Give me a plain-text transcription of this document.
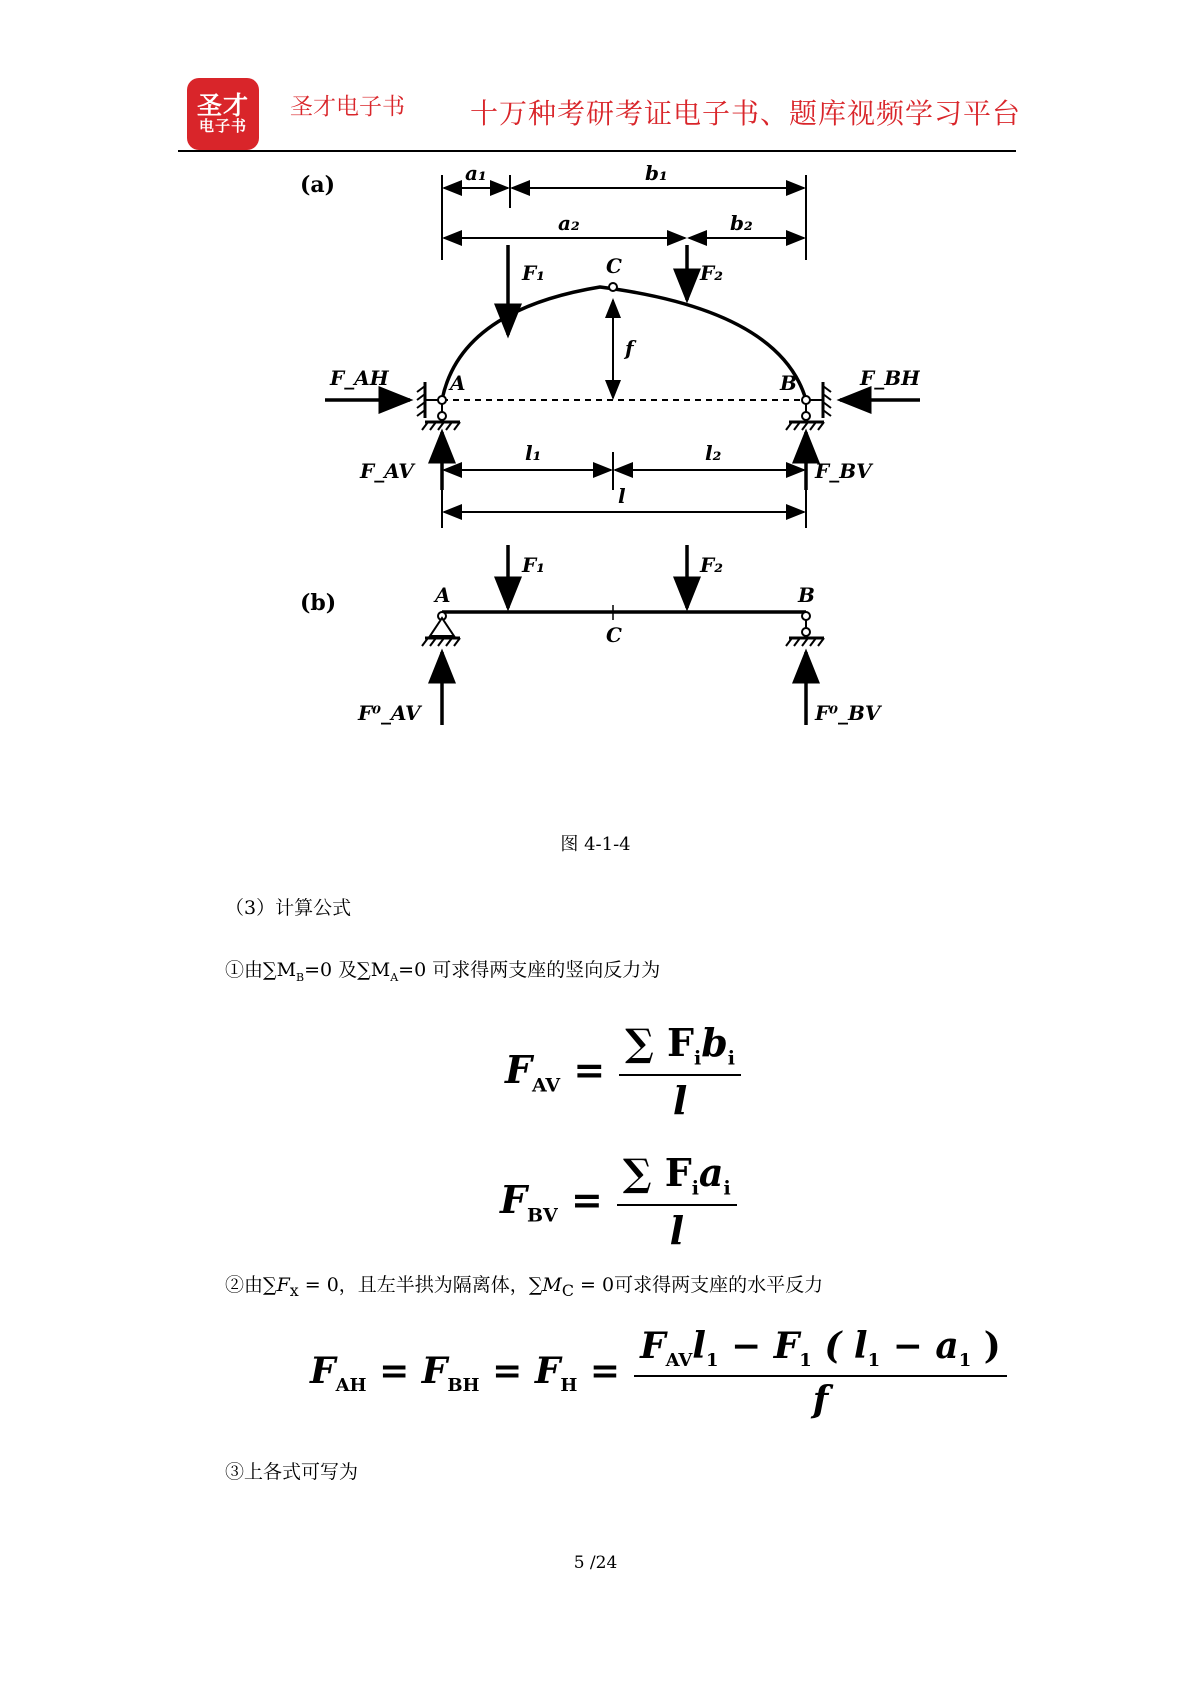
圣才
电子书
圣才电子书 十万种考研考证电子书、题库视频学习平台
(a)
(b)
a₁	b₁
a₂	b₂
F₁	F₂
C
f
A	B
F_AH	F_BH
F_AV	F_BV
l₁	l₂
l
F₁	F₂
A	B
C
F⁰_AV	F⁰_BV
图 4-1-4
（3）计算公式
①由$\sum M_B=0$ 及$\sum M_A=0$ 可求得两支座的竖向反力为
$F_{AV} = \frac{\sum F_ib_i}{l}$
$F_{BV} = \frac{\sum F_ia_i}{l}$
②由$\sum F_x = 0$，且左半拱为隔离体，$\sum M_C = 0$可求得两支座的水平反力
$F_{AH} = F_{BH} = F_H = \frac{F_{AV}l_1 - F_1 ( l_1 - a_1 )}{f}$
③上各式可写为
5 /24
